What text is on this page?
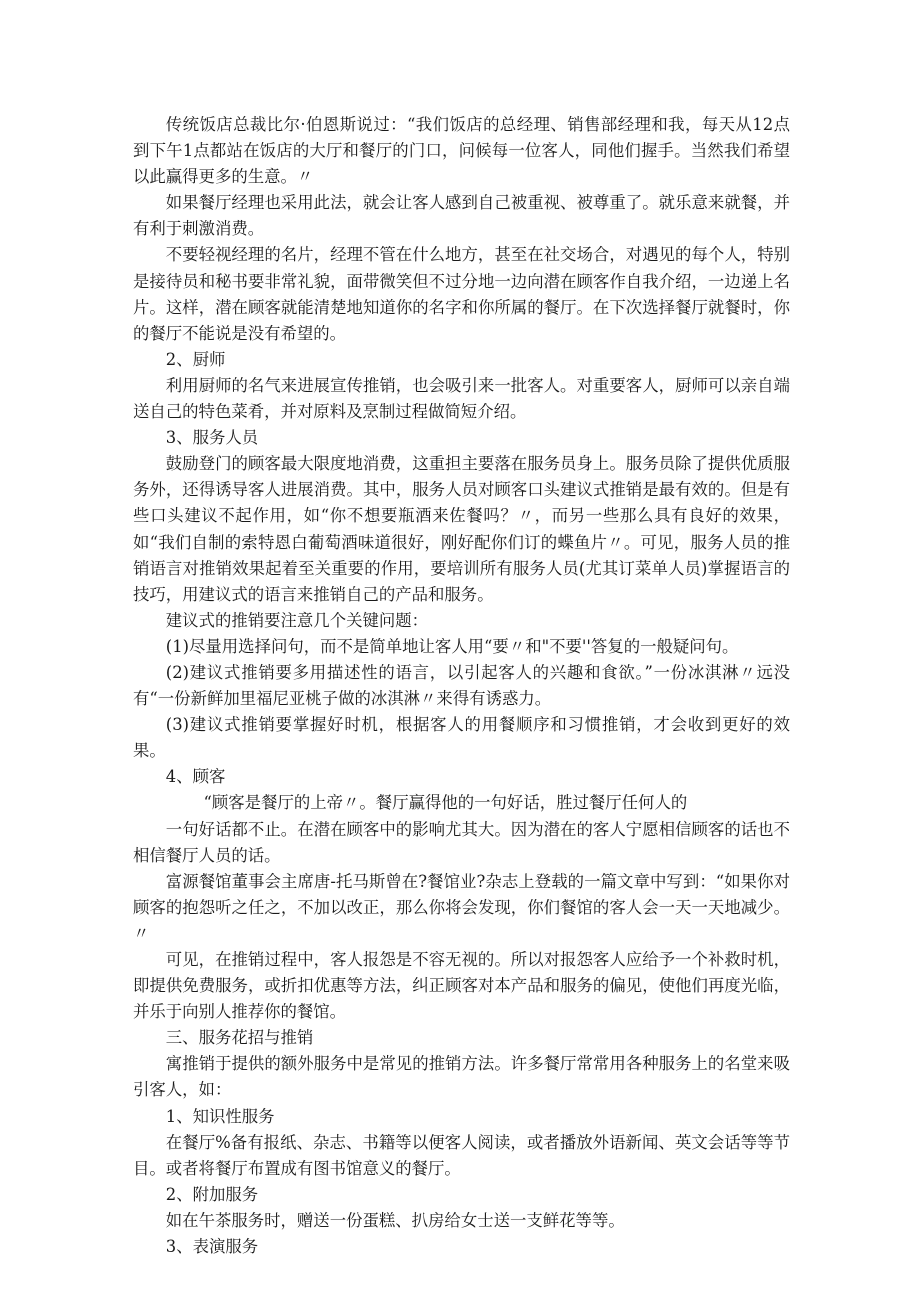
传统饭店总裁比尔·伯恩斯说过：“我们饭店的总经理、销售部经理和我，每天从12点到下午1点都站在饭店的大厅和餐厅的门口，问候每一位客人，同他们握手。当然我们希望以此赢得更多的生意。〃

如果餐厅经理也采用此法，就会让客人感到自己被重视、被尊重了。就乐意来就餐，并有利于刺激消费。

不要轻视经理的名片，经理不管在什么地方，甚至在社交场合，对遇见的每个人，特别是接待员和秘书要非常礼貌，面带微笑但不过分地一边向潜在顾客作自我介绍，一边递上名片。这样，潜在顾客就能清楚地知道你的名字和你所属的餐厅。在下次选择餐厅就餐时，你的餐厅不能说是没有希望的。

2、厨师

利用厨师的名气来进展宣传推销，也会吸引来一批客人。对重要客人，厨师可以亲自端送自己的特色菜肴，并对原料及烹制过程做简短介绍。

3、服务人员

鼓励登门的顾客最大限度地消费，这重担主要落在服务员身上。服务员除了提供优质服务外，还得诱导客人进展消费。其中，服务人员对顾客口头建议式推销是最有效的。但是有些口头建议不起作用，如“你不想要瓶酒来佐餐吗？〃，而另一些那么具有良好的效果，如“我们自制的索特恩白葡萄酒味道很好，刚好配你们订的蝶鱼片〃。可见，服务人员的推销语言对推销效果起着至关重要的作用，要培训所有服务人员(尤其订菜单人员)掌握语言的技巧，用建议式的语言来推销自己的产品和服务。

建议式的推销要注意几个关键问题：

(1)尽量用选择问句，而不是简单地让客人用“要〃和"不要''答复的一般疑问句。

(2)建议式推销要多用描述性的语言，以引起客人的兴趣和食欲。”一份冰淇淋〃远没有“一份新鲜加里福尼亚桃子做的冰淇淋〃来得有诱惑力。

(3)建议式推销要掌握好时机，根据客人的用餐顺序和习惯推销，才会收到更好的效果。

4、顾客

“顾客是餐厅的上帝〃。餐厅赢得他的一句好话，胜过餐厅任何人的

一句好话都不止。在潜在顾客中的影响尤其大。因为潜在的客人宁愿相信顾客的话也不相信餐厅人员的话。

富源餐馆董事会主席唐-托马斯曾在?餐馆业?杂志上登载的一篇文章中写到：“如果你对顾客的抱怨听之任之，不加以改正，那么你将会发现，你们餐馆的客人会一天一天地减少。〃

可见，在推销过程中，客人报怨是不容无视的。所以对报怨客人应给予一个补救时机，即提供免费服务，或折扣优惠等方法，纠正顾客对本产品和服务的偏见，使他们再度光临，并乐于向别人推荐你的餐馆。

三、服务花招与推销

寓推销于提供的额外服务中是常见的推销方法。许多餐厅常常用各种服务上的名堂来吸引客人，如：

1、知识性服务

在餐厅%备有报纸、杂志、书籍等以便客人阅读，或者播放外语新闻、英文会话等等节目。或者将餐厅布置成有图书馆意义的餐厅。

2、附加服务

如在午茶服务时，赠送一份蛋糕、扒房给女士送一支鲜花等等。

3、表演服务
